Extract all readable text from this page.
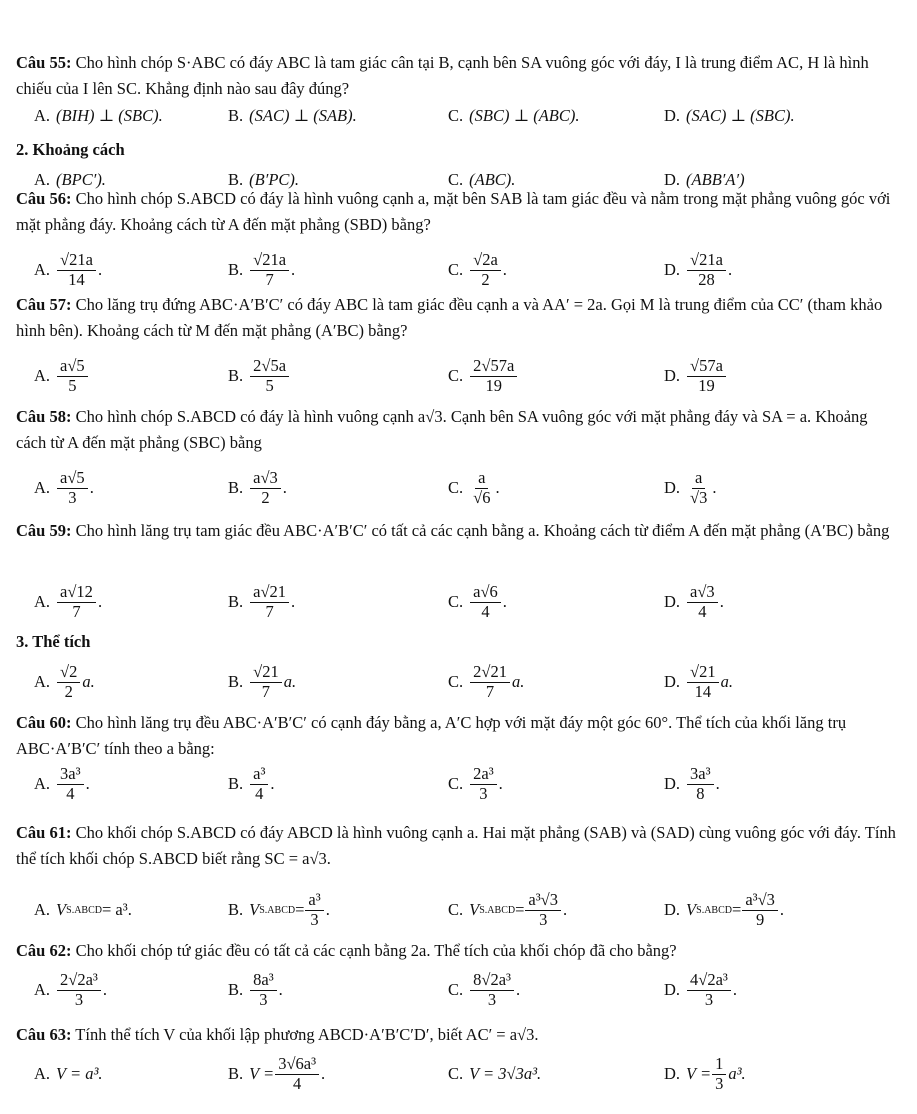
Câu 55: Cho hình chóp S·ABC có đáy ABC là tam giác cân tại B, cạnh bên SA vuông góc với đáy, I là trung điểm AC, H là hình chiếu của I lên SC. Khẳng định nào sau đây đúng?
A. (BIH) ⊥ (SBC).	B. (SAC) ⊥ (SAB).	C. (SBC) ⊥ (ABC).	D. (SAC) ⊥ (SBC).
2. Khoảng cách
A. (BPC′).	B. (B′PC).	C. (ABC).	D. (ABB′A′)
Câu 56: Cho hình chóp S.ABCD có đáy là hình vuông cạnh a, mặt bên SAB là tam giác đều và nằm trong mặt phẳng vuông góc với mặt phẳng đáy. Khoảng cách từ A đến mặt phẳng (SBD) bằng?
A. $\frac{√21a}{14}$ .	B. $\frac{√21a}{7}$ .	C. $\frac{√2a}{2}$ .	D. $\frac{√21a}{28}$ .
Câu 57: Cho lăng trụ đứng ABC·A′B′C′ có đáy ABC là tam giác đều cạnh a và AA′ = 2a. Gọi M là trung điểm của CC′ (tham khảo hình bên). Khoảng cách từ M đến mặt phẳng (A′BC) bằng?
A. $\frac{a√5}{5}$	B. $\frac{2√5a}{5}$	C. $\frac{2√57a}{19}$	D. $\frac{√57a}{19}$
Câu 58: Cho hình chóp S.ABCD có đáy là hình vuông cạnh a√3. Cạnh bên SA vuông góc với mặt phẳng đáy và SA = a. Khoảng cách từ A đến mặt phẳng (SBC) bằng
A. $\frac{a√5}{3}$ .	B. $\frac{a√3}{2}$ .	C. $\frac{a}{√6}$ .	D. $\frac{a}{√3}$ .
Câu 59: Cho hình lăng trụ tam giác đều ABC·A′B′C′ có tất cả các cạnh bằng a. Khoảng cách từ điểm A đến mặt phẳng (A′BC) bằng
A. $\frac{a√12}{7}$ .	B. $\frac{a√21}{7}$ .	C. $\frac{a√6}{4}$ .	D. $\frac{a√3}{4}$ .
3. Thể tích
A. $\frac{√2}{2} a$.	B. $\frac{√21}{7} a$.	C. $\frac{2√21}{7} a$.	D. $\frac{√21}{14} a$.
Câu 60: Cho hình lăng trụ đều ABC·A′B′C′ có cạnh đáy bằng a, A′C hợp với mặt đáy một góc 60°. Thể tích của khối lăng trụ ABC·A′B′C′ tính theo a bằng:
A. $\frac{\text{3a³}}{4}$ .	B. $\frac{\text{a³}}{4}$ .	C. $\frac{\text{2a³}}{3}$ .	D. $\frac{\text{3a³}}{8}$ .
Câu 61: Cho khối chóp S.ABCD có đáy ABCD là hình vuông cạnh a. Hai mặt phẳng (SAB) và (SAD) cùng vuông góc với đáy. Tính thể tích khối chóp S.ABCD biết rằng SC = a√3.
A. V S.ABCD = a³.	B. V S.ABCD = $\frac{\text{a³}}{3}$ .	C. V S.ABCD = $\frac{\text{a³√3}}{3}$ .	D. V S.ABCD = $\frac{\text{a³√3}}{9}$ .
Câu 62: Cho khối chóp tứ giác đều có tất cả các cạnh bằng 2a. Thể tích của khối chóp đã cho bằng?
A. $\frac{\text{2√2a³}}{3}$ .	B. $\frac{\text{8a³}}{3}$ .	C. $\frac{\text{8√2a³}}{3}$ .	D. $\frac{\text{4√2a³}}{3}$ .
Câu 63: Tính thể tích V của khối lập phương ABCD·A′B′C′D′, biết AC′ = a√3.
A. V = a³.	B. $V = \frac{\text{3√6a³}}{4}$ .	C. V = 3√3a³.	D. $V = \frac{1}{3} a^3$.
